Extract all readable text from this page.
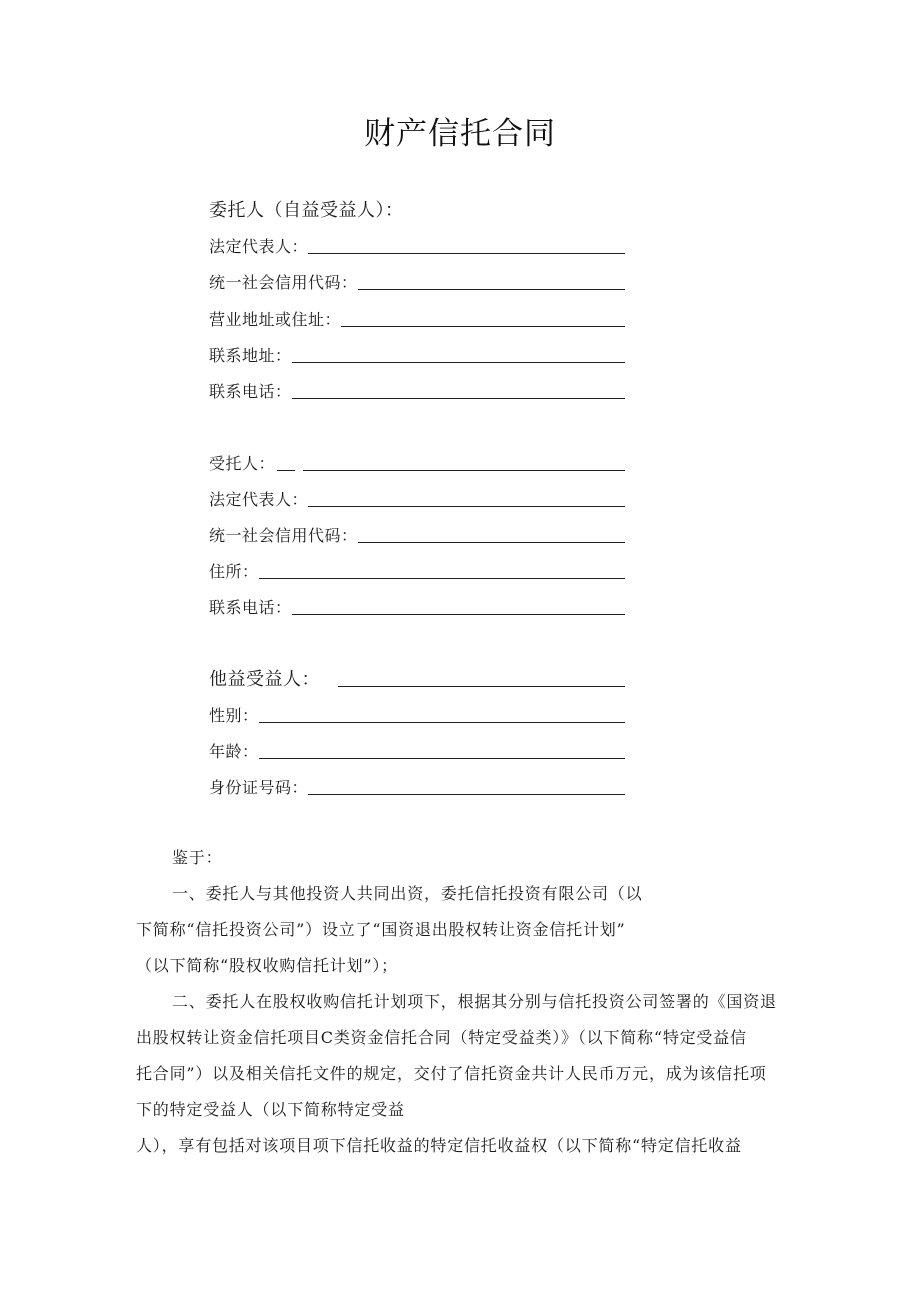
财产信托合同
委托人（自益受益人）：
法定代表人：
统一社会信用代码：
营业地址或住址：
联系地址：
联系电话：
受托人：
法定代表人：
统一社会信用代码：
住所：
联系电话：
他益受益人：
性别：
年龄：
身份证号码：
鉴于：
一、委托人与其他投资人共同出资，委托信托投资有限公司（以
下简称“信托投资公司”）设立了“国资退出股权转让资金信托计划”
（以下简称“股权收购信托计划”）；
二、委托人在股权收购信托计划项下，根据其分别与信托投资公司签署的《国资退
出股权转让资金信托项目C类资金信托合同（特定受益类）》（以下简称“特定受益信
托合同”）以及相关信托文件的规定，交付了信托资金共计人民币万元，成为该信托项
下的特定受益人（以下简称特定受益
人），享有包括对该项目项下信托收益的特定信托收益权（以下简称“特定信托收益
